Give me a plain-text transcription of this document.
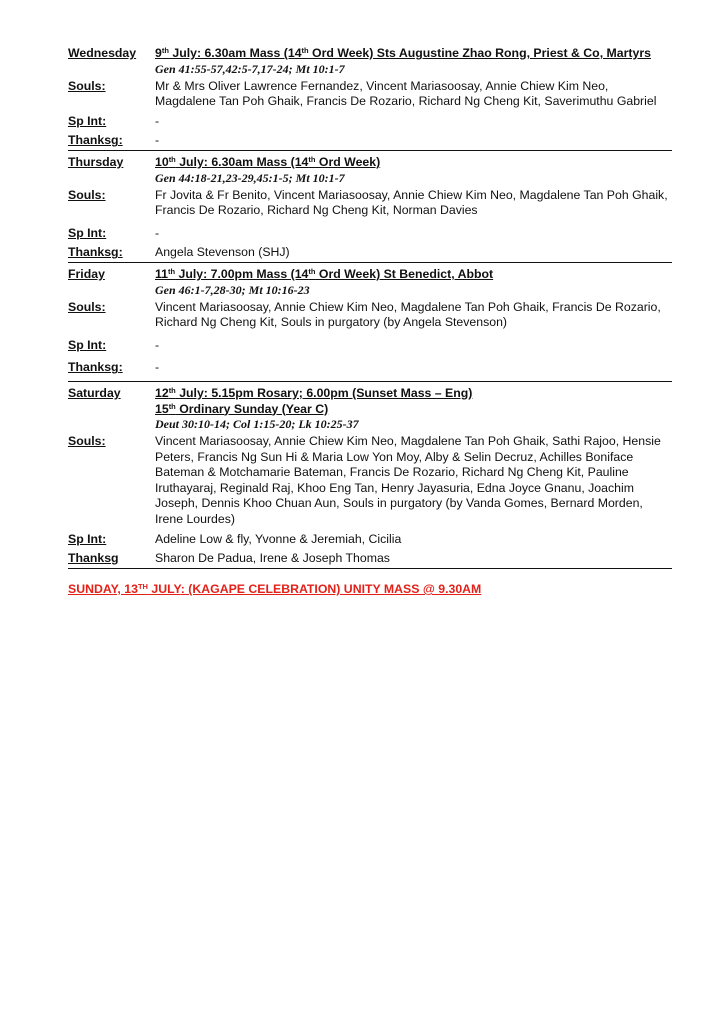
Wednesday	9th July: 6.30am Mass (14th Ord Week) Sts Augustine Zhao Rong, Priest & Co, Martyrs
Gen 41:55-57,42:5-7,17-24; Mt 10:1-7
Souls:	Mr & Mrs Oliver Lawrence Fernandez, Vincent Mariasoosay, Annie Chiew Kim Neo, Magdalene Tan Poh Ghaik, Francis De Rozario, Richard Ng Cheng Kit, Saverimuthu Gabriel
Sp Int:	-
Thanksg:	-
Thursday	10th July: 6.30am Mass (14th Ord Week)
Gen 44:18-21,23-29,45:1-5; Mt 10:1-7
Souls:	Fr Jovita & Fr Benito, Vincent Mariasoosay, Annie Chiew Kim Neo, Magdalene Tan Poh Ghaik, Francis De Rozario, Richard Ng Cheng Kit, Norman Davies
Sp Int:	-
Thanksg:	Angela Stevenson (SHJ)
Friday	11th July: 7.00pm Mass (14th Ord Week) St Benedict, Abbot
Gen 46:1-7,28-30; Mt 10:16-23
Souls:	Vincent Mariasoosay, Annie Chiew Kim Neo, Magdalene Tan Poh Ghaik, Francis De Rozario, Richard Ng Cheng Kit, Souls in purgatory (by Angela Stevenson)
Sp Int:	-
Thanksg:	-
Saturday	12th July: 5.15pm Rosary; 6.00pm (Sunset Mass – Eng)
15th Ordinary Sunday (Year C)
Deut 30:10-14; Col 1:15-20; Lk 10:25-37
Souls:	Vincent Mariasoosay, Annie Chiew Kim Neo, Magdalene Tan Poh Ghaik, Sathi Rajoo, Hensie Peters, Francis Ng Sun Hi & Maria Low Yon Moy, Alby & Selin Decruz, Achilles Boniface Bateman & Motchamarie Bateman, Francis De Rozario, Richard Ng Cheng Kit, Pauline Iruthayaraj, Reginald Raj, Khoo Eng Tan, Henry Jayasuria, Edna Joyce Gnanu, Joachim Joseph, Dennis Khoo Chuan Aun, Souls in purgatory (by Vanda Gomes, Bernard Morden, Irene Lourdes)
Sp Int:	Adeline Low & fly, Yvonne & Jeremiah, Cicilia
Thanksg	Sharon De Padua, Irene & Joseph Thomas
SUNDAY, 13TH JULY: (KAGAPE CELEBRATION) UNITY MASS @ 9.30AM
